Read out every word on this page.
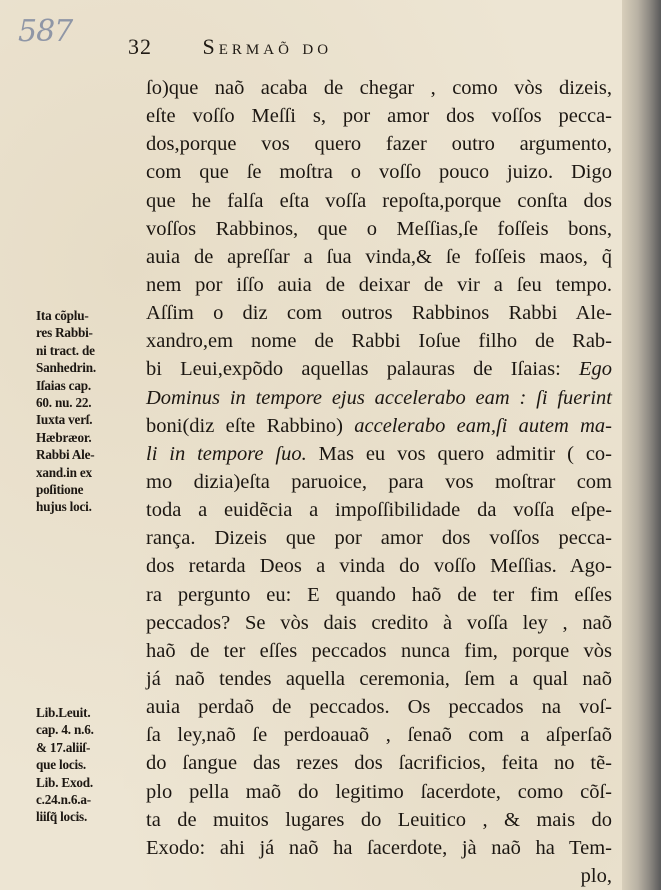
587	32 Sermaõ do
Ita cõplu-
res Rabbi-
ni tract. de
Sanhedrin.
Iſaias cap.
60. nu. 22.
Iuxta verſ.
Hæbræor.
Rabbi Ale-
xand.in ex
poſitione
hujus loci.
Lib.Leuit.
cap. 4. n.6.
& 17.aliiſ-
que locis.
Lib. Exod.
c.24.n.6.a-
liiſq̃ locis.
ſo)que naõ acaba de chegar , como vòs dizeis,
eſte voſſo Meſſi s, por amor dos voſſos pecca-
dos,porque vos quero fazer outro argumento,
com que ſe moſtra o voſſo pouco juizo. Digo
que he falſa eſta voſſa repoſta,porque conſta dos
voſſos Rabbinos, que o Meſſias,ſe foſſeis bons,
auia de apreſſar a ſua vinda,& ſe foſſeis maos, q̃
nem por iſſo auia de deixar de vir a ſeu tempo.
Aſſim o diz com outros Rabbinos Rabbi Ale-
xandro,em nome de Rabbi Ioſue filho de Rab-
bi Leui,expõdo aquellas palauras de Iſaias: Ego
Dominus in tempore ejus accelerabo eam : ſi fuerint
boni(diz eſte Rabbino) accelerabo eam,ſi autem ma-
li in tempore ſuo. Mas eu vos quero admitir ( co-
mo dizia)eſta paruoice, para vos moſtrar com
toda a euidẽcia a impoſſibilidade da voſſa eſpe-
rança. Dizeis que por amor dos voſſos pecca-
dos retarda Deos a vinda do voſſo Meſſias. Ago-
ra pergunto eu: E quando haõ de ter fim eſſes
peccados? Se vòs dais credito à voſſa ley , naõ
haõ de ter eſſes peccados nunca fim, porque vòs
já naõ tendes aquella ceremonia, ſem a qual naõ
auia perdaõ de peccados. Os peccados na voſ-
ſa ley,naõ ſe perdoauaõ , ſenaõ com a aſperſaõ
do ſangue das rezes dos ſacrificios, feita no tẽ-
plo pella maõ do legitimo ſacerdote, como cõſ-
ta de muitos lugares do Leuitico , & mais do
Exodo: ahi já naõ ha ſacerdote, jà naõ ha Tem-
plo,
